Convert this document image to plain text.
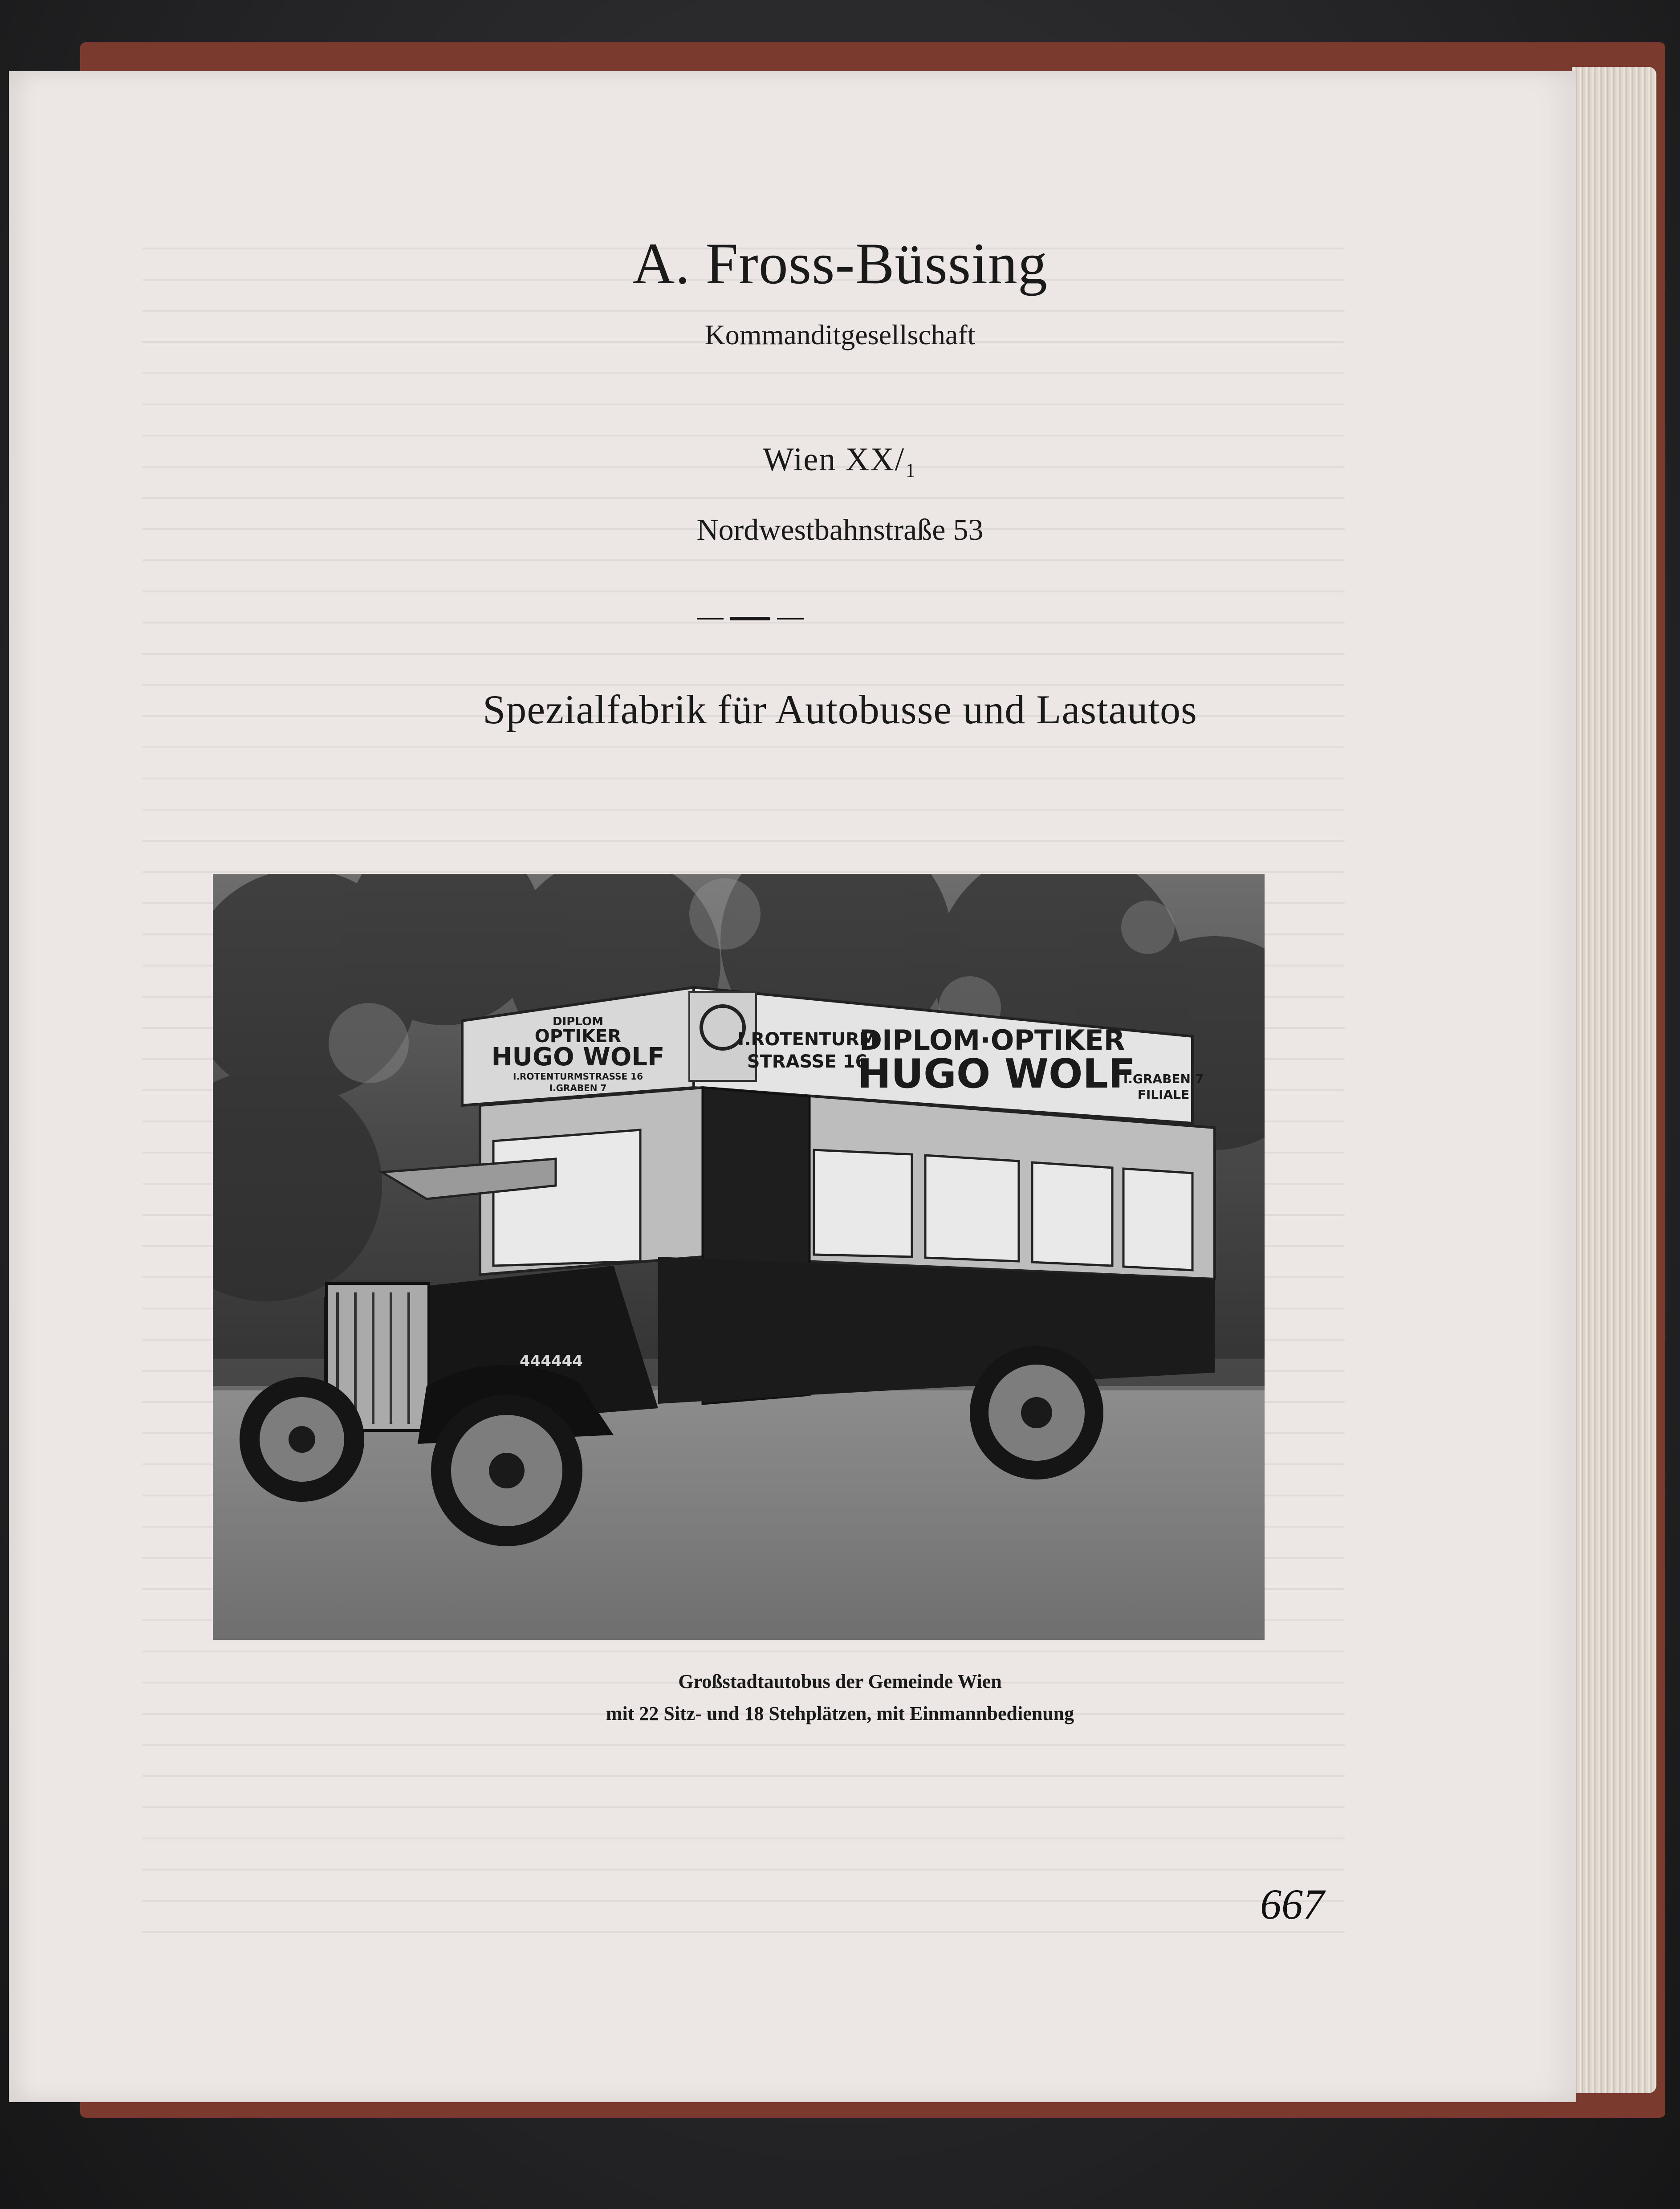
A. Fross-Büssing
Kommanditgesellschaft
Wien XX/₁
Nordwestbahnstraße 53
Spezialfabrik für Autobusse und Lastautos
DIPLOM
OPTIKER
HUGO WOLF
I.ROTENTURMSTRASSE 16
I.GRABEN 7
I.ROTENTURM
STRASSE 16
DIPLOM·OPTIKER
HUGO WOLF
I.GRABEN 7
FILIALE
444444
Großstadtautobus der Gemeinde Wien
mit 22 Sitz- und 18 Stehplätzen, mit Einmannbedienung
667
